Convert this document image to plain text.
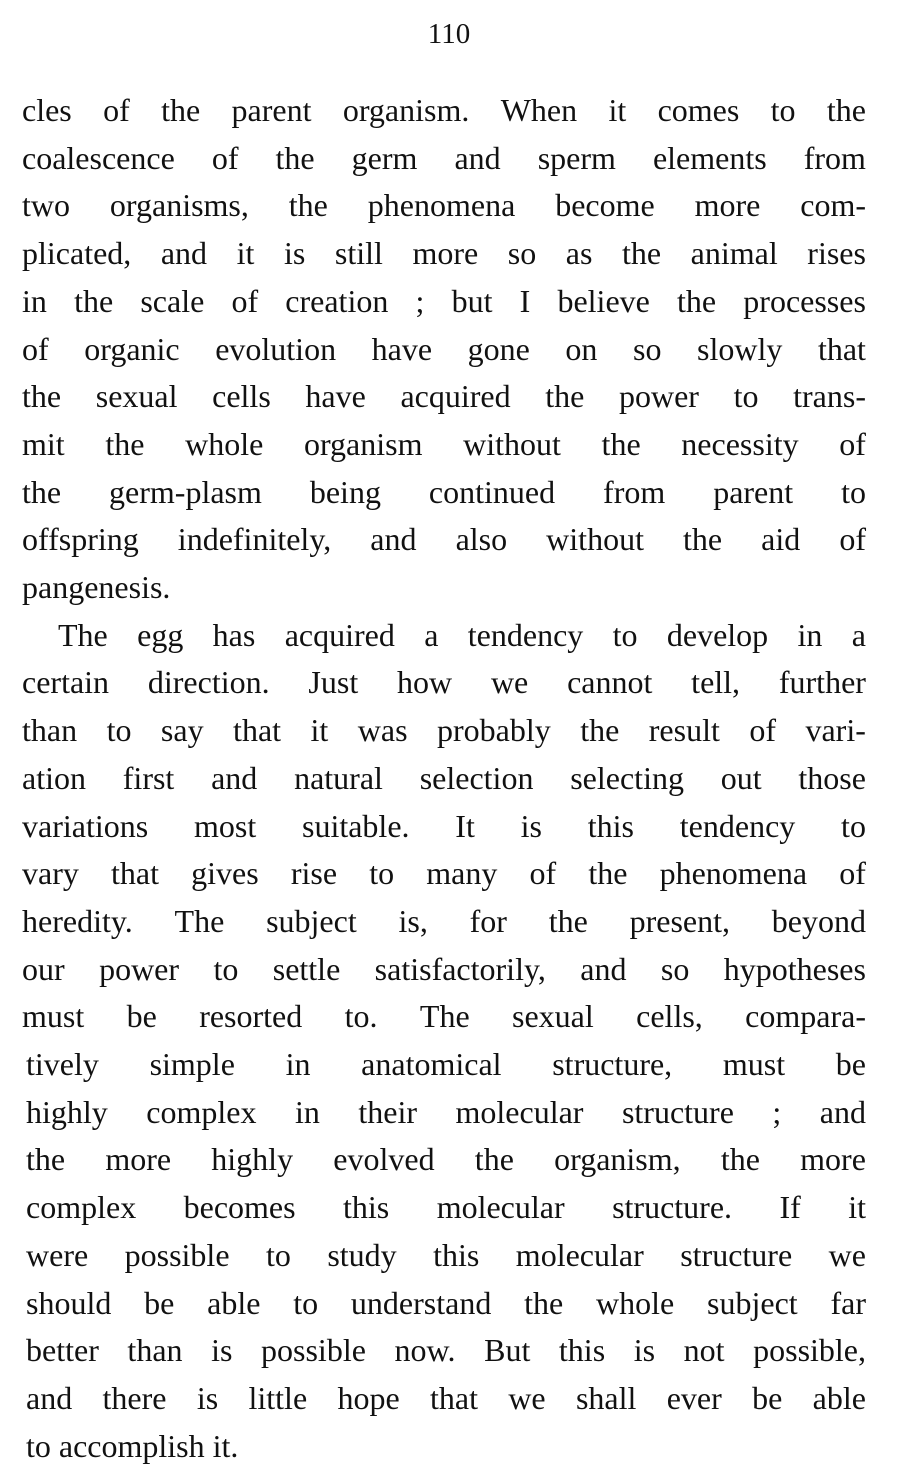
110
cles of the parent organism. When it comes to the
coalescence of the germ and sperm elements from
two organisms, the phenomena become more com-
plicated, and it is still more so as the animal rises
in the scale of creation ; but I believe the processes
of organic evolution have gone on so slowly that
the sexual cells have acquired the power to trans-
mit the whole organism without the necessity of
the germ-plasm being continued from parent to
offspring indefinitely, and also without the aid of
pangenesis.
The egg has acquired a tendency to develop in a
certain direction. Just how we cannot tell, further
than to say that it was probably the result of vari-
ation first and natural selection selecting out those
variations most suitable. It is this tendency to
vary that gives rise to many of the phenomena of
heredity. The subject is, for the present, beyond
our power to settle satisfactorily, and so hypotheses
must be resorted to. The sexual cells, compara-
tively simple in anatomical structure, must be
highly complex in their molecular structure ; and
the more highly evolved the organism, the more
complex becomes this molecular structure. If it
were possible to study this molecular structure we
should be able to understand the whole subject far
better than is possible now. But this is not possible,
and there is little hope that we shall ever be able
to accomplish it.
